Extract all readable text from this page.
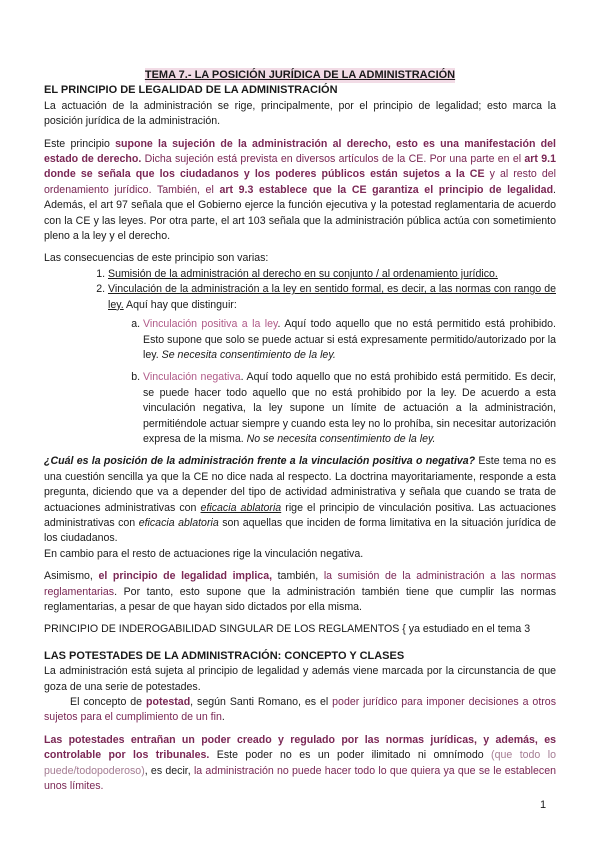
TEMA 7.- LA POSICIÓN JURÍDICA DE LA ADMINISTRACIÓN

EL PRINCIPIO DE LEGALIDAD DE LA ADMINISTRACIÓN

La actuación de la administración se rige, principalmente, por el principio de legalidad; esto marca la posición jurídica de la administración.

Este principio supone la sujeción de la administración al derecho, esto es una manifestación del estado de derecho. Dicha sujeción está prevista en diversos artículos de la CE. Por una parte en el art 9.1 donde se señala que los ciudadanos y los poderes públicos están sujetos a la CE y al resto del ordenamiento jurídico. También, el art 9.3 establece que la CE garantiza el principio de legalidad. Además, el art 97 señala que el Gobierno ejerce la función ejecutiva y la potestad reglamentaria de acuerdo con la CE y las leyes. Por otra parte, el art 103 señala que la administración pública actúa con sometimiento pleno a la ley y el derecho.

Las consecuencias de este principio son varias:

1. Sumisión de la administración al derecho en su conjunto / al ordenamiento jurídico.
2. Vinculación de la administración a la ley en sentido formal, es decir, a las normas con rango de ley. Aquí hay que distinguir:
a. Vinculación positiva a la ley. Aquí todo aquello que no está permitido está prohibido. Esto supone que solo se puede actuar si está expresamente permitido/autorizado por la ley. Se necesita consentimiento de la ley.
b. Vinculación negativa. Aquí todo aquello que no está prohibido está permitido. Es decir, se puede hacer todo aquello que no está prohibido por la ley. De acuerdo a esta vinculación negativa, la ley supone un límite de actuación a la administración, permitiéndole actuar siempre y cuando esta ley no lo prohíba, sin necesitar autorización expresa de la misma. No se necesita consentimiento de la ley.

¿Cuál es la posición de la administración frente a la vinculación positiva o negativa? Este tema no es una cuestión sencilla ya que la CE no dice nada al respecto. La doctrina mayoritariamente, responde a esta pregunta, diciendo que va a depender del tipo de actividad administrativa y señala que cuando se trata de actuaciones administrativas con eficacia ablatoria rige el principio de vinculación positiva. Las actuaciones administrativas con eficacia ablatoria son aquellas que inciden de forma limitativa en la situación jurídica de los ciudadanos.

En cambio para el resto de actuaciones rige la vinculación negativa.

Asimismo, el principio de legalidad implica, también, la sumisión de la administración a las normas reglamentarias. Por tanto, esto supone que la administración también tiene que cumplir las normas reglamentarias, a pesar de que hayan sido dictados por ella misma.

PRINCIPIO DE INDEROGABILIDAD SINGULAR DE LOS REGLAMENTOS { ya estudiado en el tema 3

LAS POTESTADES DE LA ADMINISTRACIÓN: CONCEPTO Y CLASES

La administración está sujeta al principio de legalidad y además viene marcada por la circunstancia de que goza de una serie de potestades.

El concepto de potestad, según Santi Romano, es el poder jurídico para imponer decisiones a otros sujetos para el cumplimiento de un fin.

Las potestades entrañan un poder creado y regulado por las normas jurídicas, y además, es controlable por los tribunales. Este poder no es un poder ilimitado ni omnímodo (que todo lo puede/todopoderoso), es decir, la administración no puede hacer todo lo que quiera ya que se le establecen unos límites.

1
